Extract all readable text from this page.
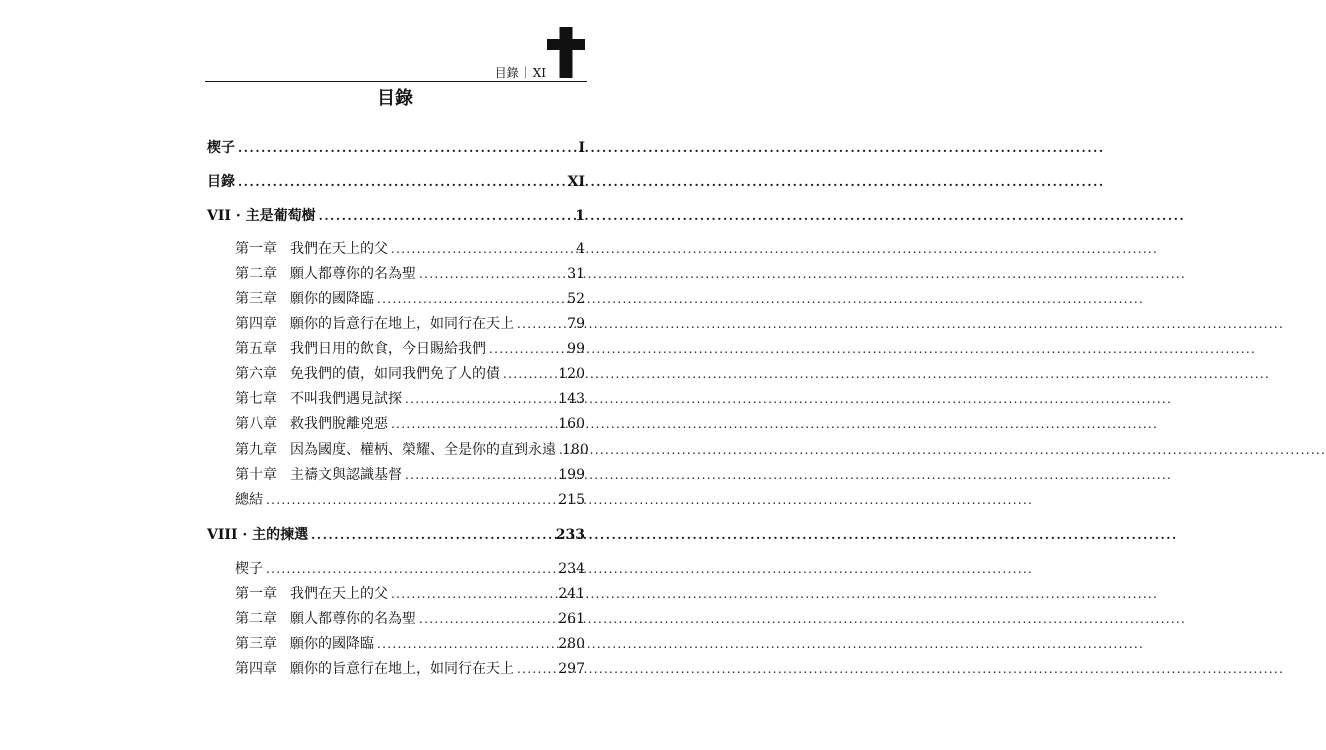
目錄｜XI
目錄
楔子 .....	I
目錄 .....	XI
VII · 主是葡萄樹 .....	1
第一章 我們在天上的父 .....	4
第二章 願人都尊你的名為聖 .....	31
第三章 願你的國降臨 .....	52
第四章 願你的旨意行在地上，如同行在天上 .....	79
第五章 我們日用的飲食，今日賜給我們 .....	99
第六章 免我們的債，如同我們免了人的債 .....	120
第七章 不叫我們遇見試探 .....	143
第八章 救我們脫離兇惡 .....	160
第九章 因為國度、權柄、榮耀、全是你的直到永遠 180
第十章 主禱文與認識基督 .....	199
總結 .....	215
VIII · 主的揀選 .....	233
楔子 .....	234
第一章 我們在天上的父 .....	241
第二章 願人都尊你的名為聖 .....	261
第三章 願你的國降臨 .....	280
第四章 願你的旨意行在地上，如同行在天上 .....	297
